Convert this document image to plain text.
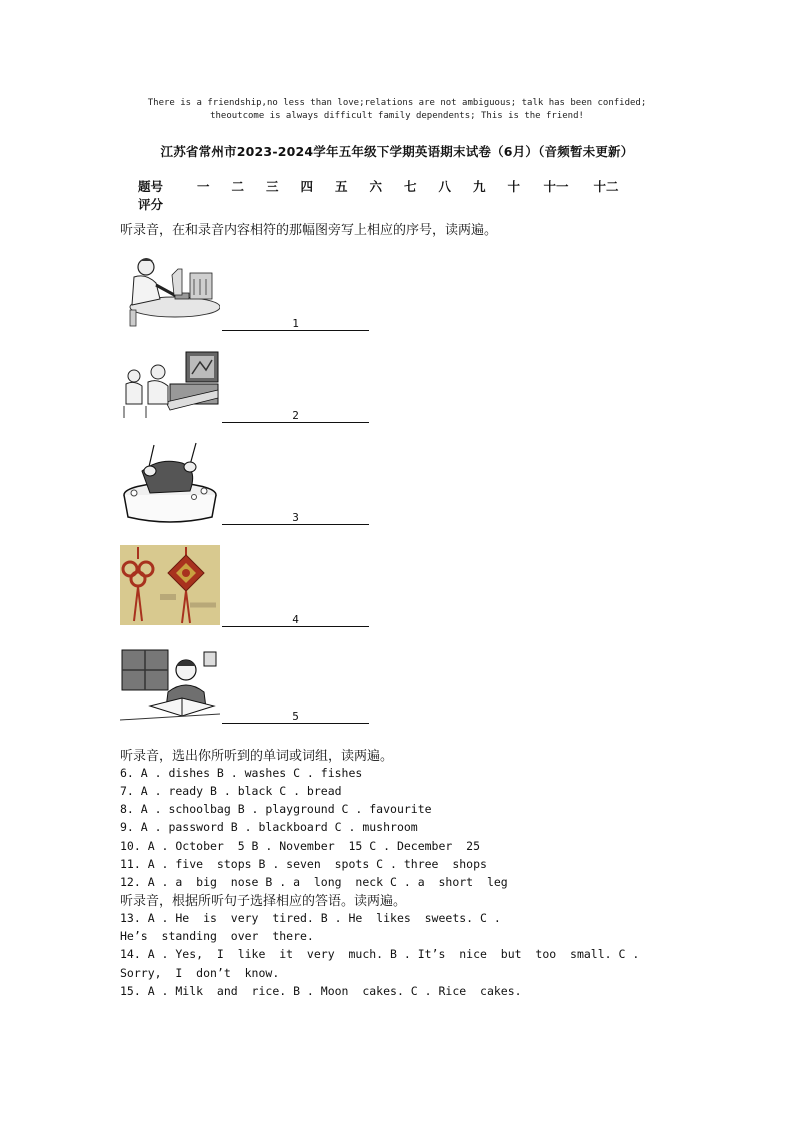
There is a friendship,no less than love;relations are not ambiguous; talk has been confided; theoutcome is always difficult family dependents; This is the friend!
江苏省常州市2023-2024学年五年级下学期英语期末试卷（6月）（音频暂未更新）
题号	一	二	三	四	五	六	七	八	九	十	十一	十二
评分
听录音，在和录音内容相符的那幅图旁写上相应的序号，读两遍。
1
2
3
4
5
听录音，选出你所听到的单词或词组，读两遍。
6. A . dishes B . washes C . fishes
7. A . ready B . black C . bread
8. A . schoolbag B . playground C . favourite
9. A . password B . blackboard C . mushroom
10. A . October  5 B . November  15 C . December  25
11. A . five  stops B . seven  spots C . three  shops
12. A . a  big  nose B . a  long  neck C . a  short  leg
听录音，根据所听句子选择相应的答语。读两遍。
13. A . He  is  very  tired. B . He  likes  sweets. C .
He’s  standing  over  there.
14. A . Yes,  I  like  it  very  much. B . It’s  nice  but  too  small. C .
Sorry,  I  don’t  know.
15. A . Milk  and  rice. B . Moon  cakes. C . Rice  cakes.
